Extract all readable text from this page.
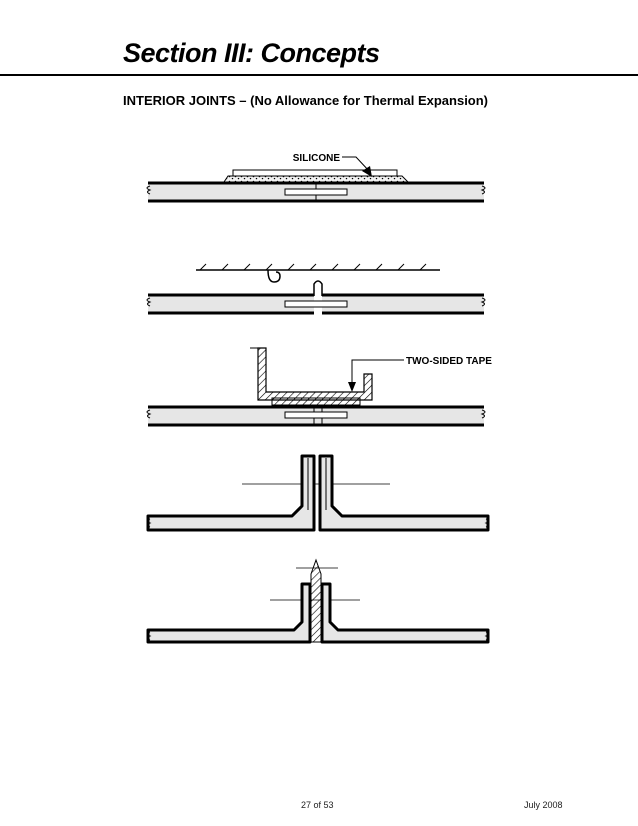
Section III: Concepts
INTERIOR JOINTS – (No Allowance for Thermal Expansion)
SILICONE
TWO-SIDED TAPE
27 of 53	July 2008
